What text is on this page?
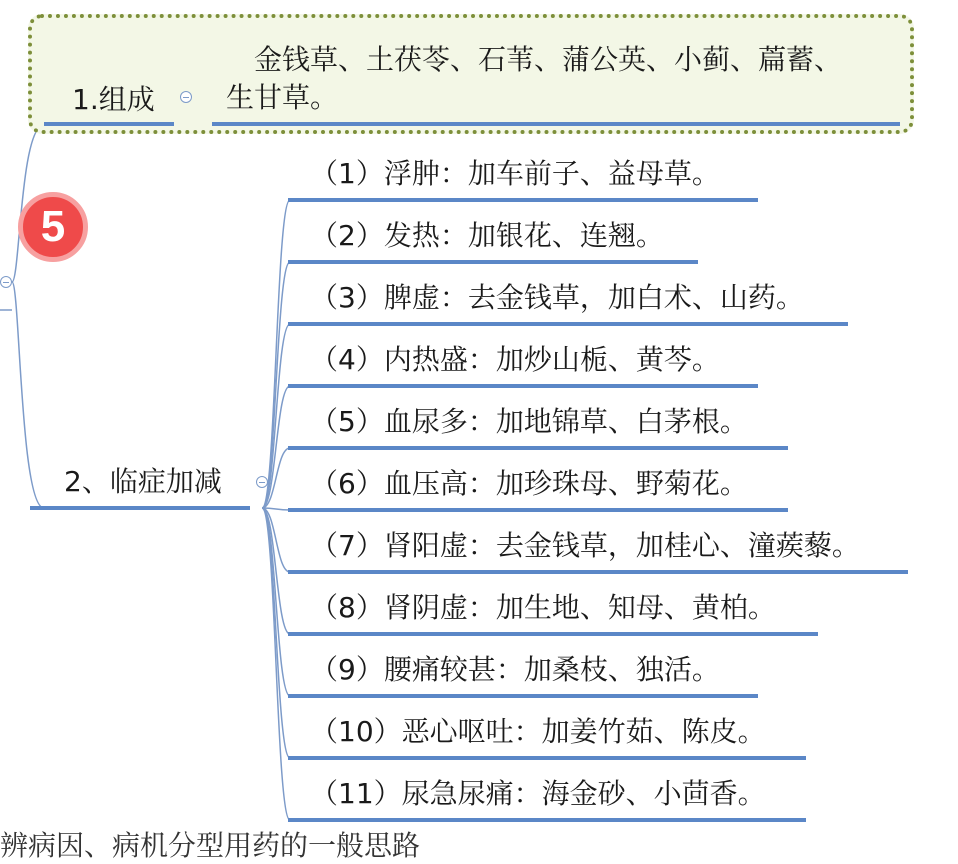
金钱草、土茯苓、石苇、蒲公英、小蓟、萹蓄、
生甘草。
1.组成
5
2、临症加减
（1）浮肿：加车前子、益母草。
（2）发热：加银花、连翘。
（3）脾虚：去金钱草，加白术、山药。
（4）内热盛：加炒山栀、黄芩。
（5）血尿多：加地锦草、白茅根。
（6）血压高：加珍珠母、野菊花。
（7）肾阳虚：去金钱草，加桂心、潼蒺藜。
（8）肾阴虚：加生地、知母、黄柏。
（9）腰痛较甚：加桑枝、独活。
（10）恶心呕吐：加姜竹茹、陈皮。
（11）尿急尿痛：海金砂、小茴香。
辨病因、病机分型用药的一般思路
